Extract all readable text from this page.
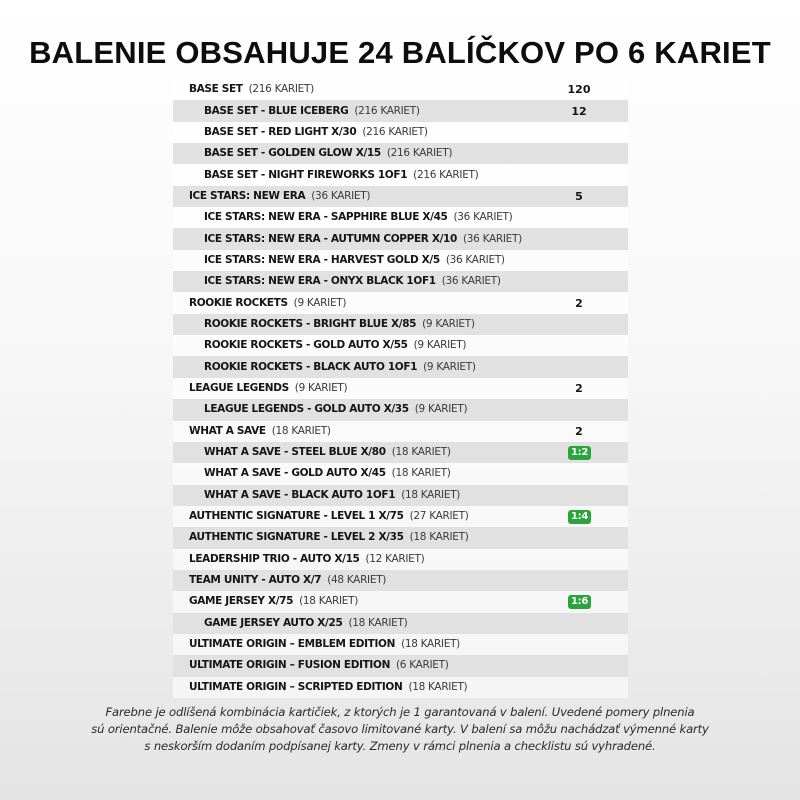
BALENIE OBSAHUJE 24 BALÍČKOV PO 6 KARIET
BASE SET (216 KARIET)	120
BASE SET - BLUE ICEBERG (216 KARIET)	12
BASE SET - RED LIGHT X/30 (216 KARIET)
BASE SET - GOLDEN GLOW X/15 (216 KARIET)
BASE SET - NIGHT FIREWORKS 1OF1 (216 KARIET)
ICE STARS: NEW ERA (36 KARIET)	5
ICE STARS: NEW ERA - SAPPHIRE BLUE X/45 (36 KARIET)
ICE STARS: NEW ERA - AUTUMN COPPER X/10 (36 KARIET)
ICE STARS: NEW ERA - HARVEST GOLD X/5 (36 KARIET)
ICE STARS: NEW ERA - ONYX BLACK 1OF1 (36 KARIET)
ROOKIE ROCKETS (9 KARIET)	2
ROOKIE ROCKETS - BRIGHT BLUE X/85 (9 KARIET)
ROOKIE ROCKETS - GOLD AUTO X/55 (9 KARIET)
ROOKIE ROCKETS - BLACK AUTO 1OF1 (9 KARIET)
LEAGUE LEGENDS (9 KARIET)	2
LEAGUE LEGENDS - GOLD AUTO X/35 (9 KARIET)
WHAT A SAVE (18 KARIET)	2
WHAT A SAVE - STEEL BLUE X/80 (18 KARIET)	1:2
WHAT A SAVE - GOLD AUTO X/45 (18 KARIET)
WHAT A SAVE - BLACK AUTO 1OF1 (18 KARIET)
AUTHENTIC SIGNATURE - LEVEL 1 X/75 (27 KARIET)	1:4
AUTHENTIC SIGNATURE - LEVEL 2 X/35 (18 KARIET)
LEADERSHIP TRIO - AUTO X/15 (12 KARIET)
TEAM UNITY - AUTO X/7 (48 KARIET)
GAME JERSEY X/75 (18 KARIET)	1:6
GAME JERSEY AUTO X/25 (18 KARIET)
ULTIMATE ORIGIN – EMBLEM EDITION (18 KARIET)
ULTIMATE ORIGIN – FUSION EDITION (6 KARIET)
ULTIMATE ORIGIN – SCRIPTED EDITION (18 KARIET)
Farebne je odlíšená kombinácia kartičiek, z ktorých je 1 garantovaná v balení. Uvedené pomery plnenia
sú orientačné. Balenie môže obsahovať časovo limitované karty. V balení sa môžu nachádzať výmenné karty
s neskorším dodaním podpísanej karty. Zmeny v rámci plnenia a checklistu sú vyhradené.
